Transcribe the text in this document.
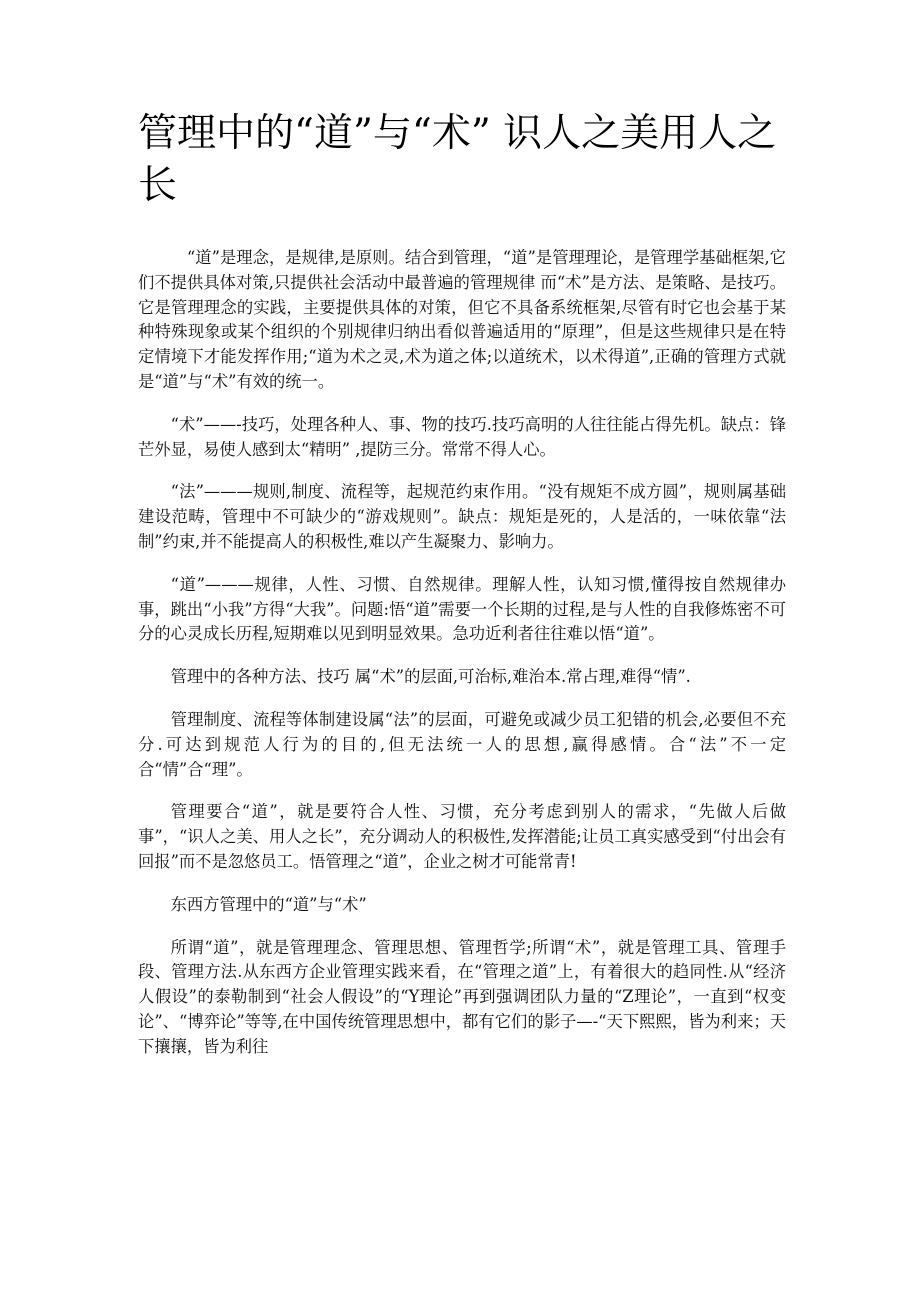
管理中的“道”与“术” 识人之美用人之长

“道”是理念，是规律,是原则。结合到管理，“道”是管理理论，是管理学基础框架,它们不提供具体对策,只提供社会活动中最普遍的管理规律 而“术”是方法、是策略、是技巧。它是管理理念的实践，主要提供具体的对策，但它不具备系统框架,尽管有时它也会基于某种特殊现象或某个组织的个别规律归纳出看似普遍适用的“原理”，但是这些规律只是在特定情境下才能发挥作用;“道为术之灵,术为道之体;以道统术，以术得道”,正确的管理方式就是“道”与“术”有效的统一。

“术”——-技巧，处理各种人、事、物的技巧.技巧高明的人往往能占得先机。缺点：锋芒外显，易使人感到太“精明” ,提防三分。常常不得人心。

“法”———规则,制度、流程等，起规范约束作用。“没有规矩不成方圆”，规则属基础建设范畴，管理中不可缺少的“游戏规则”。缺点：规矩是死的，人是活的，一味依靠“法制”约束,并不能提高人的积极性,难以产生凝聚力、影响力。

“道”———规律，人性、习惯、自然规律。理解人性，认知习惯,懂得按自然规律办事，跳出“小我”方得“大我”。问题:悟“道”需要一个长期的过程,是与人性的自我修炼密不可分的心灵成长历程,短期难以见到明显效果。急功近利者往往难以悟“道”。

管理中的各种方法、技巧 属“术”的层面,可治标,难治本.常占理,难得“情”.

管理制度、流程等体制建设属“法”的层面，可避免或减少员工犯错的机会,必要但不充分.可达到规范人行为的目的,但无法统一人的思想,赢得感情。合“法”不一定合“情”合“理”。

管理要合“道”，就是要符合人性、习惯，充分考虑到别人的需求，“先做人后做事”，“识人之美、用人之长”，充分调动人的积极性,发挥潜能;让员工真实感受到“付出会有回报”而不是忽悠员工。悟管理之“道”，企业之树才可能常青!

东西方管理中的“道”与“术”

所谓“道”，就是管理理念、管理思想、管理哲学;所谓“术”，就是管理工具、管理手段、管理方法.从东西方企业管理实践来看，在“管理之道”上，有着很大的趋同性.从“经济人假设”的泰勒制到“社会人假设”的“Y理论”再到强调团队力量的“Z理论”，一直到“权变论”、“博弈论”等等,在中国传统管理思想中，都有它们的影子—-“天下熙熙，皆为利来；天下攘攘，皆为利往
